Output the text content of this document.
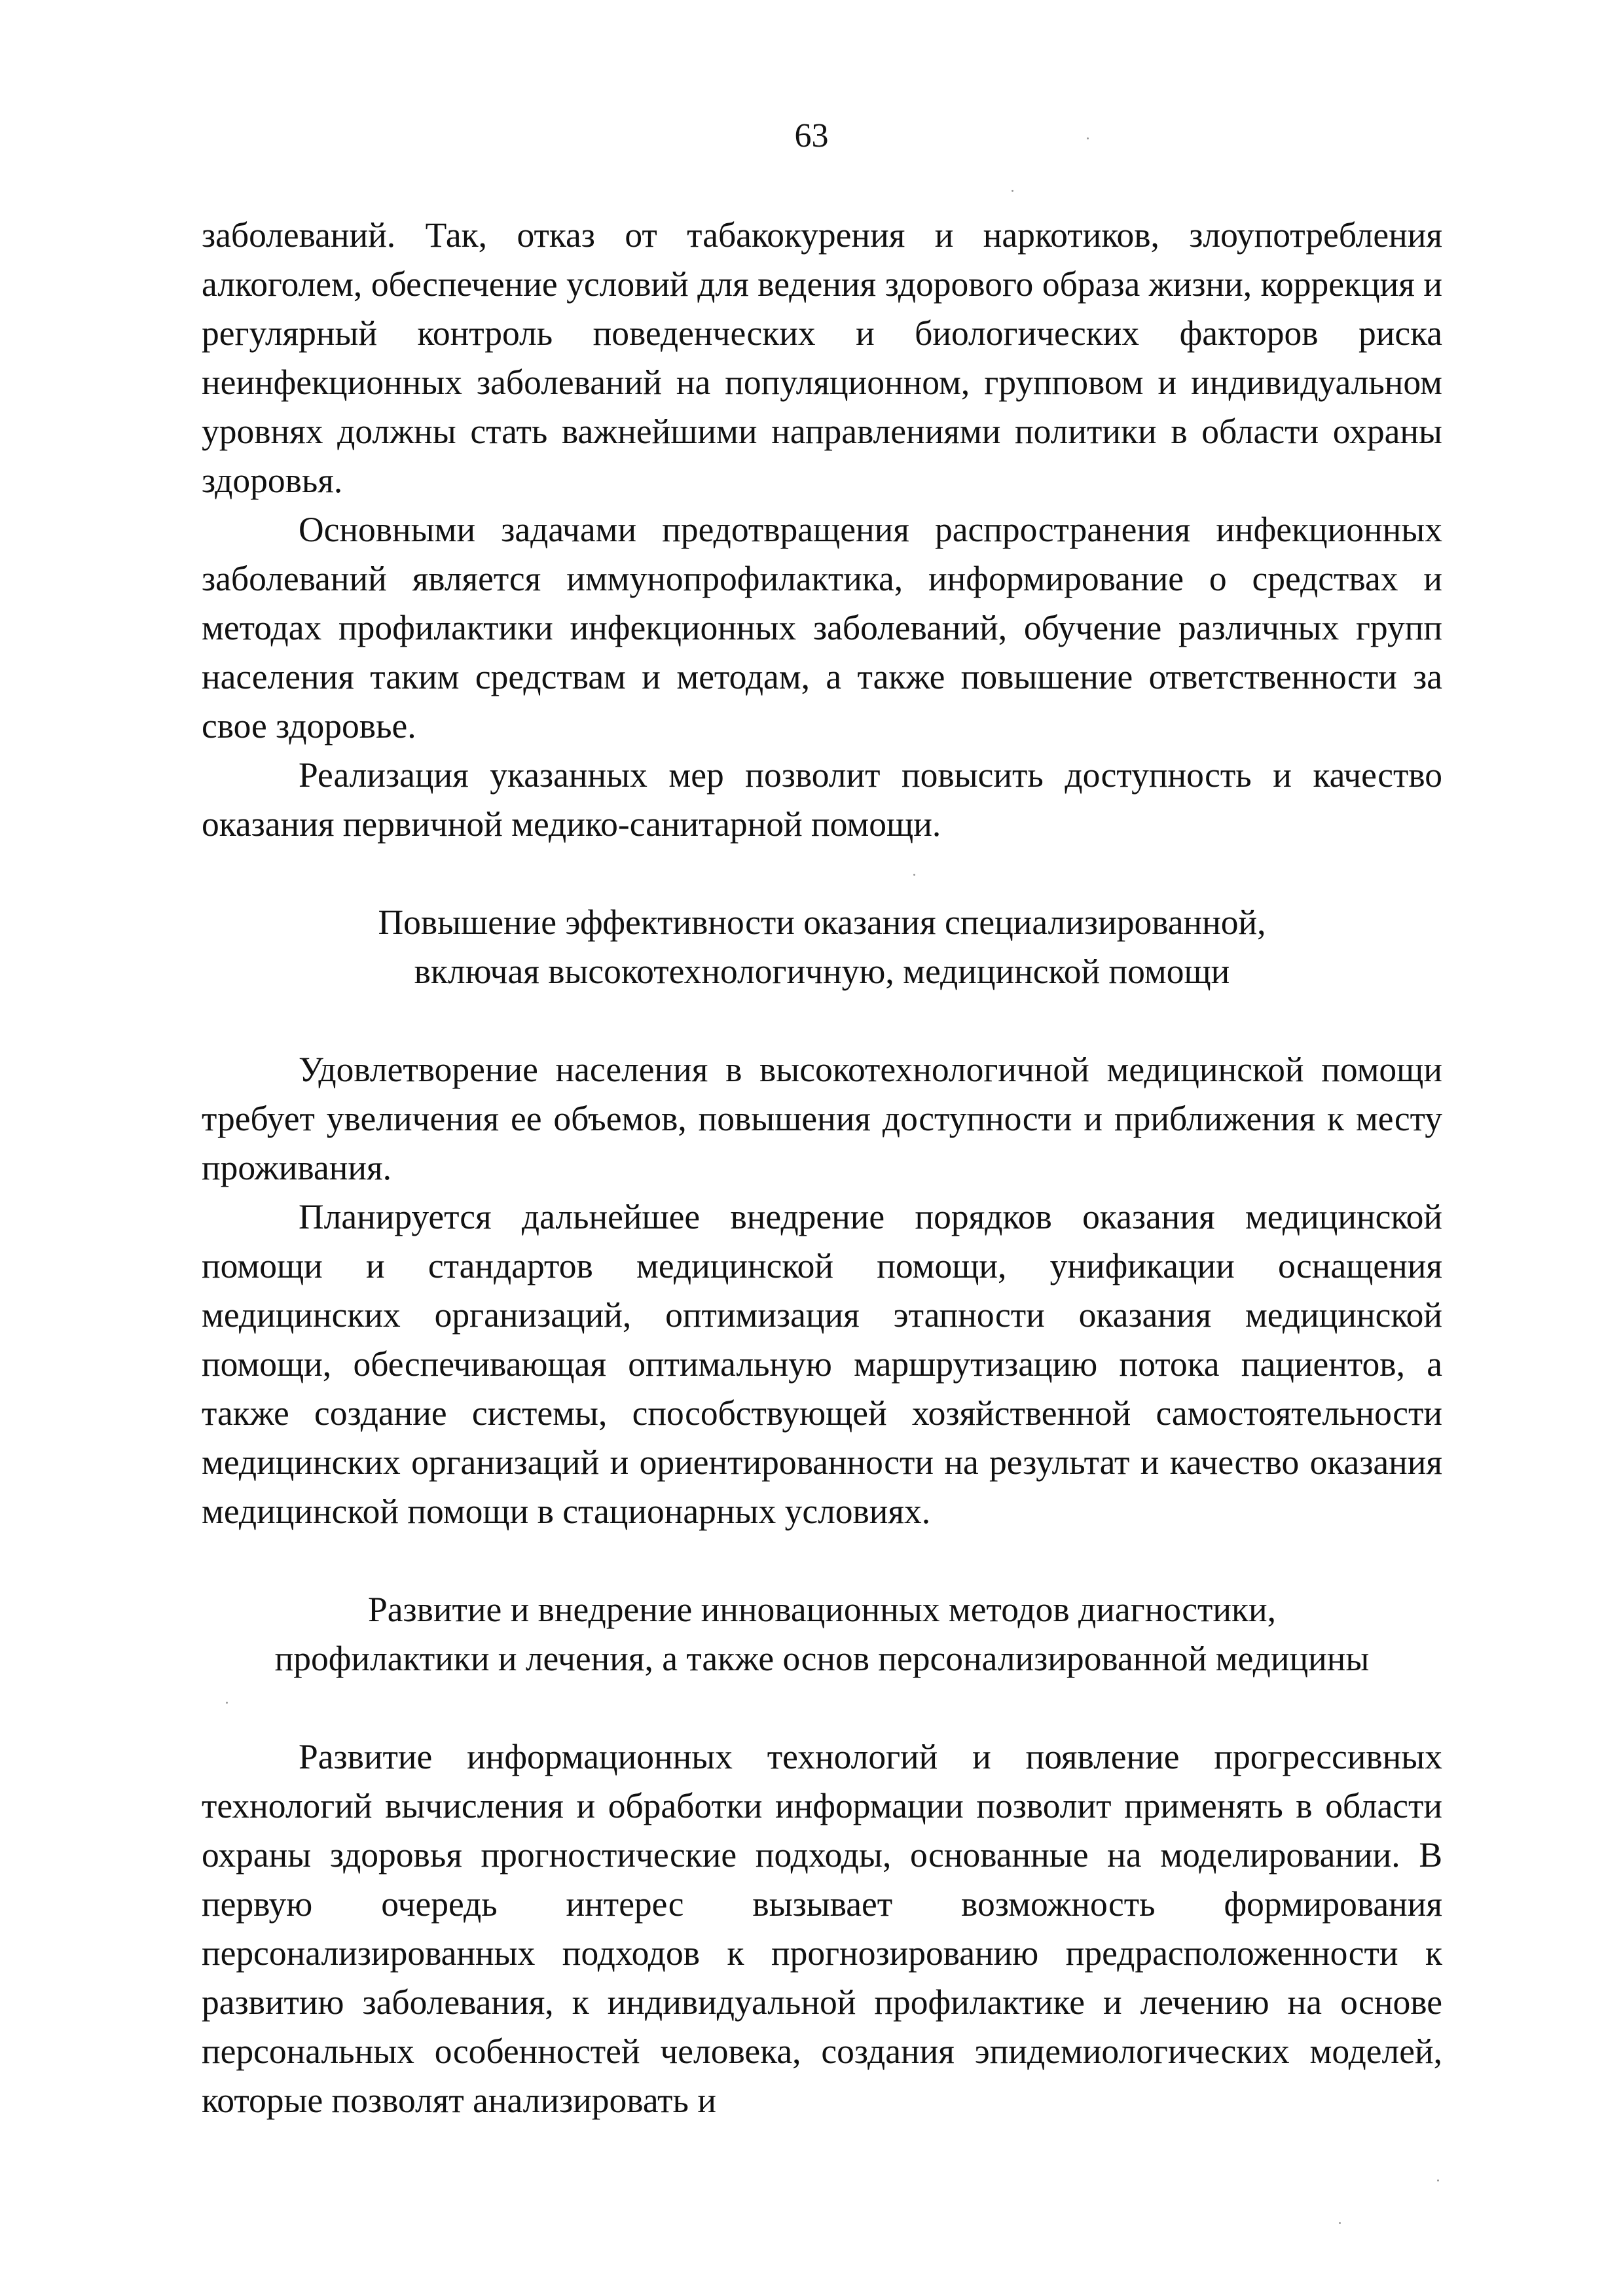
63

заболеваний. Так, отказ от табакокурения и наркотиков, злоупотребления алкоголем, обеспечение условий для ведения здорового образа жизни, коррекция и регулярный контроль поведенческих и биологических факторов риска неинфекционных заболеваний на популяционном, групповом и индивидуальном уровнях должны стать важнейшими направлениями политики в области охраны здоровья.

Основными задачами предотвращения распространения инфекционных заболеваний является иммунопрофилактика, информирование о средствах и методах профилактики инфекционных заболеваний, обучение различных групп населения таким средствам и методам, а также повышение ответственности за свое здоровье.

Реализация указанных мер позволит повысить доступность и качество оказания первичной медико-санитарной помощи.

Повышение эффективности оказания специализированной,
включая высокотехнологичную, медицинской помощи

Удовлетворение населения в высокотехнологичной медицинской помощи требует увеличения ее объемов, повышения доступности и приближения к месту проживания.

Планируется дальнейшее внедрение порядков оказания медицинской помощи и стандартов медицинской помощи, унификации оснащения медицинских организаций, оптимизация этапности оказания медицинской помощи, обеспечивающая оптимальную маршрутизацию потока пациентов, а также создание системы, способствующей хозяйственной самостоятельности медицинских организаций и ориентированности на результат и качество оказания медицинской помощи в стационарных условиях.

Развитие и внедрение инновационных методов диагностики,
профилактики и лечения, а также основ персонализированной медицины

Развитие информационных технологий и появление прогрессивных технологий вычисления и обработки информации позволит применять в области охраны здоровья прогностические подходы, основанные на моделировании. В первую очередь интерес вызывает возможность формирования персонализированных подходов к прогнозированию предрасположенности к развитию заболевания, к индивидуальной профилактике и лечению на основе персональных особенностей человека, создания эпидемиологических моделей, которые позволят анализировать и
